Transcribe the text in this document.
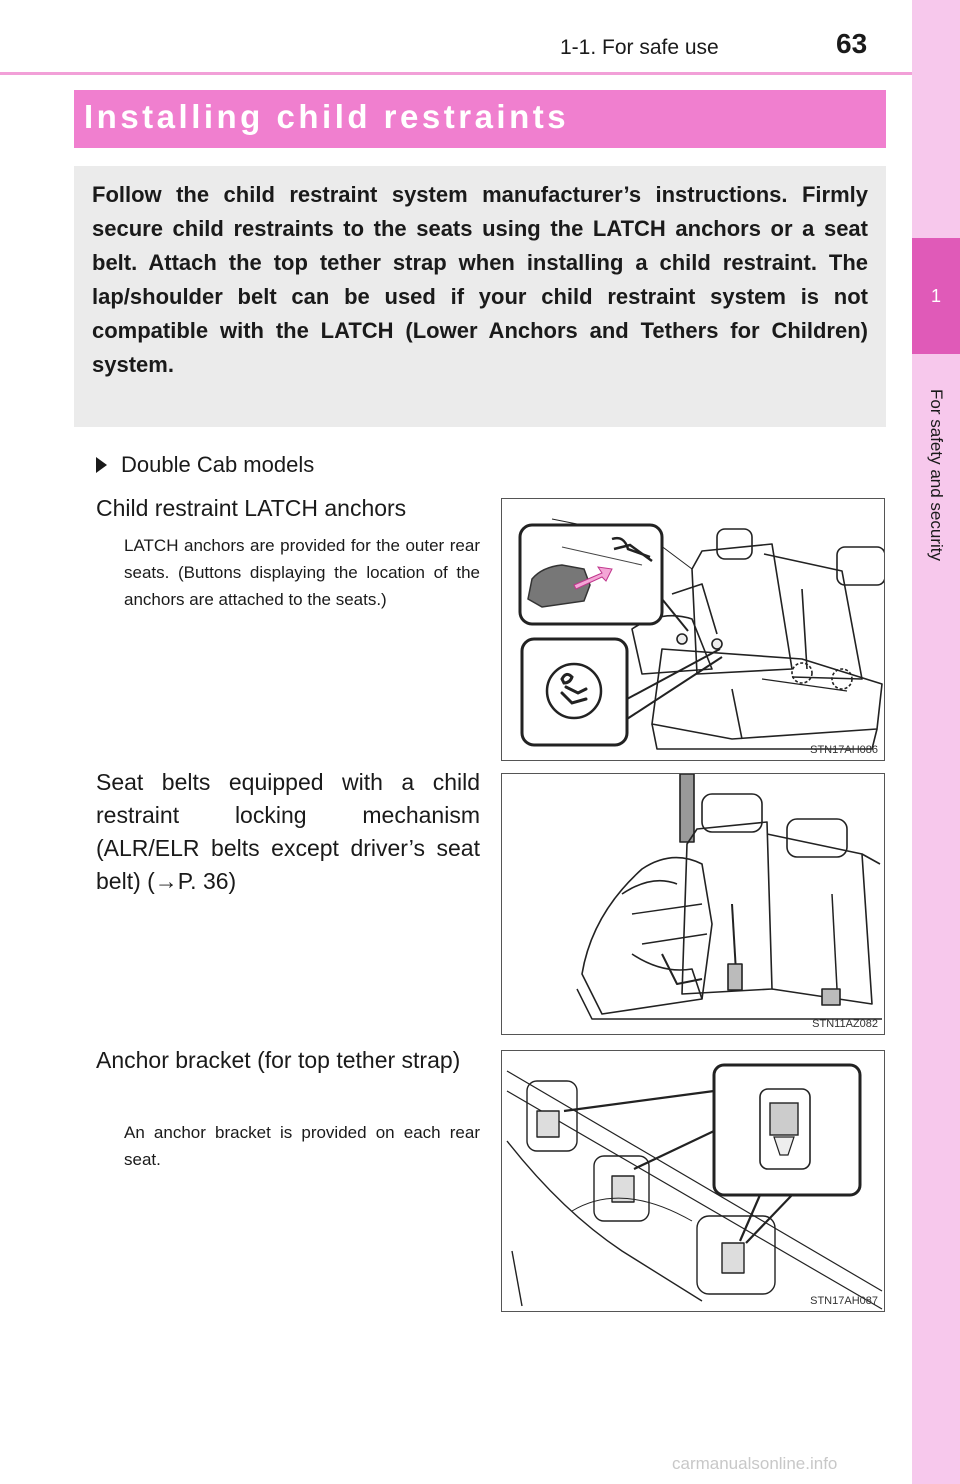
1-1. For safe use	63
1
For safety and security
Installing child restraints

Follow the child restraint system manufacturer’s instructions. Firmly secure child restraints to the seats using the LATCH anchors or a seat belt. Attach the top tether strap when installing a child restraint. The lap/shoulder belt can be used if your child restraint system is not compatible with the LATCH (Lower Anchors and Tethers for Children) system.

Double Cab models

Child restraint LATCH anchors

LATCH anchors are provided for the outer rear seats. (Buttons displaying the location of the anchors are attached to the seats.)

STN17AH086

Seat belts equipped with a child restraint locking mechanism (ALR/ELR belts except driver’s seat belt) (→P. 36)

STN11AZ082

Anchor bracket (for top tether strap)

An anchor bracket is provided on each rear seat.

STN17AH087
carmanualsonline.info
